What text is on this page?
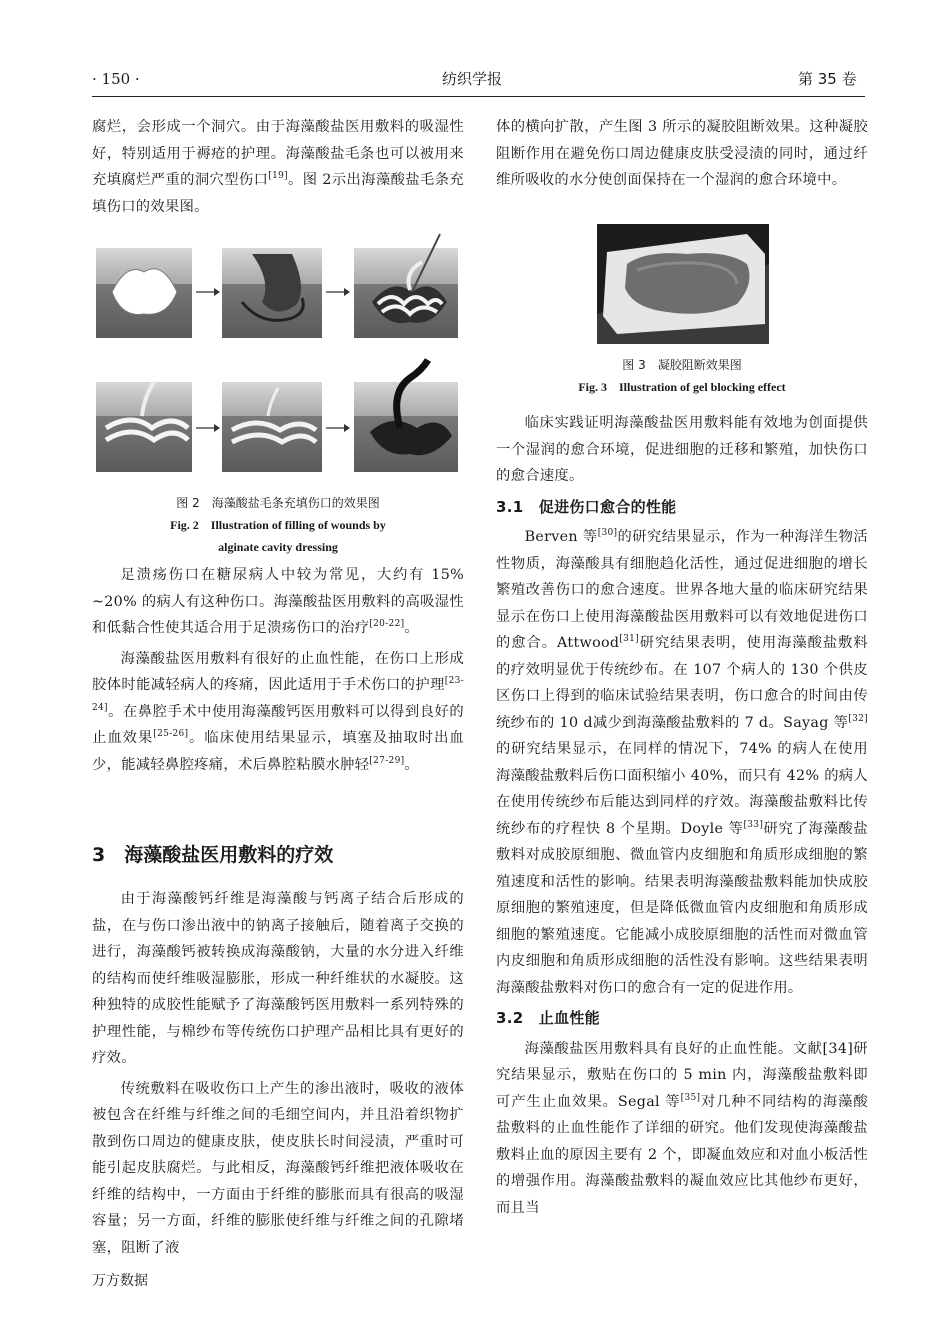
· 150 ·	纺织学报	第 35 卷

腐烂，会形成一个洞穴。由于海藻酸盐医用敷料的吸湿性好，特别适用于褥疮的护理。海藻酸盐毛条也可以被用来充填腐烂严重的洞穴型伤口[19]。图 2示出海藻酸盐毛条充填伤口的效果图。

图 2　海藻酸盐毛条充填伤口的效果图
Fig. 2　Illustration of filling of wounds by
alginate cavity dressing

足溃疡伤口在糖尿病人中较为常见，大约有 15% ~20% 的病人有这种伤口。海藻酸盐医用敷料的高吸湿性和低黏合性使其适合用于足溃疡伤口的治疗[20-22]。

海藻酸盐医用敷料有很好的止血性能，在伤口上形成胶体时能减轻病人的疼痛，因此适用于手术伤口的护理[23-24]。在鼻腔手术中使用海藻酸钙医用敷料可以得到良好的止血效果[25-26]。临床使用结果显示，填塞及抽取时出血少，能减轻鼻腔疼痛，术后鼻腔粘膜水肿轻[27-29]。

3　海藻酸盐医用敷料的疗效

由于海藻酸钙纤维是海藻酸与钙离子结合后形成的盐，在与伤口渗出液中的钠离子接触后，随着离子交换的进行，海藻酸钙被转换成海藻酸钠，大量的水分进入纤维的结构而使纤维吸湿膨胀，形成一种纤维状的水凝胶。这种独特的成胶性能赋予了海藻酸钙医用敷料一系列特殊的护理性能，与棉纱布等传统伤口护理产品相比具有更好的疗效。

传统敷料在吸收伤口上产生的渗出液时，吸收的液体被包含在纤维与纤维之间的毛细空间内，并且沿着织物扩散到伤口周边的健康皮肤，使皮肤长时间浸渍，严重时可能引起皮肤腐烂。与此相反，海藻酸钙纤维把液体吸收在纤维的结构中，一方面由于纤维的膨胀而具有很高的吸湿容量；另一方面，纤维的膨胀使纤维与纤维之间的孔隙堵塞，阻断了液

体的横向扩散，产生图 3 所示的凝胶阻断效果。这种凝胶阻断作用在避免伤口周边健康皮肤受浸渍的同时，通过纤维所吸收的水分使创面保持在一个湿润的愈合环境中。

图 3　凝胶阻断效果图
Fig. 3　Illustration of gel blocking effect

临床实践证明海藻酸盐医用敷料能有效地为创面提供一个湿润的愈合环境，促进细胞的迁移和繁殖，加快伤口的愈合速度。

3.1　促进伤口愈合的性能

Berven 等[30]的研究结果显示，作为一种海洋生物活性物质，海藻酸具有细胞趋化活性，通过促进细胞的增长繁殖改善伤口的愈合速度。世界各地大量的临床研究结果显示在伤口上使用海藻酸盐医用敷料可以有效地促进伤口的愈合。Attwood[31]研究结果表明，使用海藻酸盐敷料的疗效明显优于传统纱布。在 107 个病人的 130 个供皮区伤口上得到的临床试验结果表明，伤口愈合的时间由传统纱布的 10 d减少到海藻酸盐敷料的 7 d。Sayag 等[32]的研究结果显示，在同样的情况下，74% 的病人在使用海藻酸盐敷料后伤口面积缩小 40%，而只有 42% 的病人在使用传统纱布后能达到同样的疗效。海藻酸盐敷料比传统纱布的疗程快 8 个星期。Doyle 等[33]研究了海藻酸盐敷料对成胶原细胞、微血管内皮细胞和角质形成细胞的繁殖速度和活性的影响。结果表明海藻酸盐敷料能加快成胶原细胞的繁殖速度，但是降低微血管内皮细胞和角质形成细胞的繁殖速度。它能减小成胶原细胞的活性而对微血管内皮细胞和角质形成细胞的活性没有影响。这些结果表明海藻酸盐敷料对伤口的愈合有一定的促进作用。

3.2　止血性能

海藻酸盐医用敷料具有良好的止血性能。文献[34]研究结果显示，敷贴在伤口的 5 min 内，海藻酸盐敷料即可产生止血效果。Segal 等[35]对几种不同结构的海藻酸盐敷料的止血性能作了详细的研究。他们发现使海藻酸盐敷料止血的原因主要有 2 个，即凝血效应和对血小板活性的增强作用。海藻酸盐敷料的凝血效应比其他纱布更好，而且当

万方数据
